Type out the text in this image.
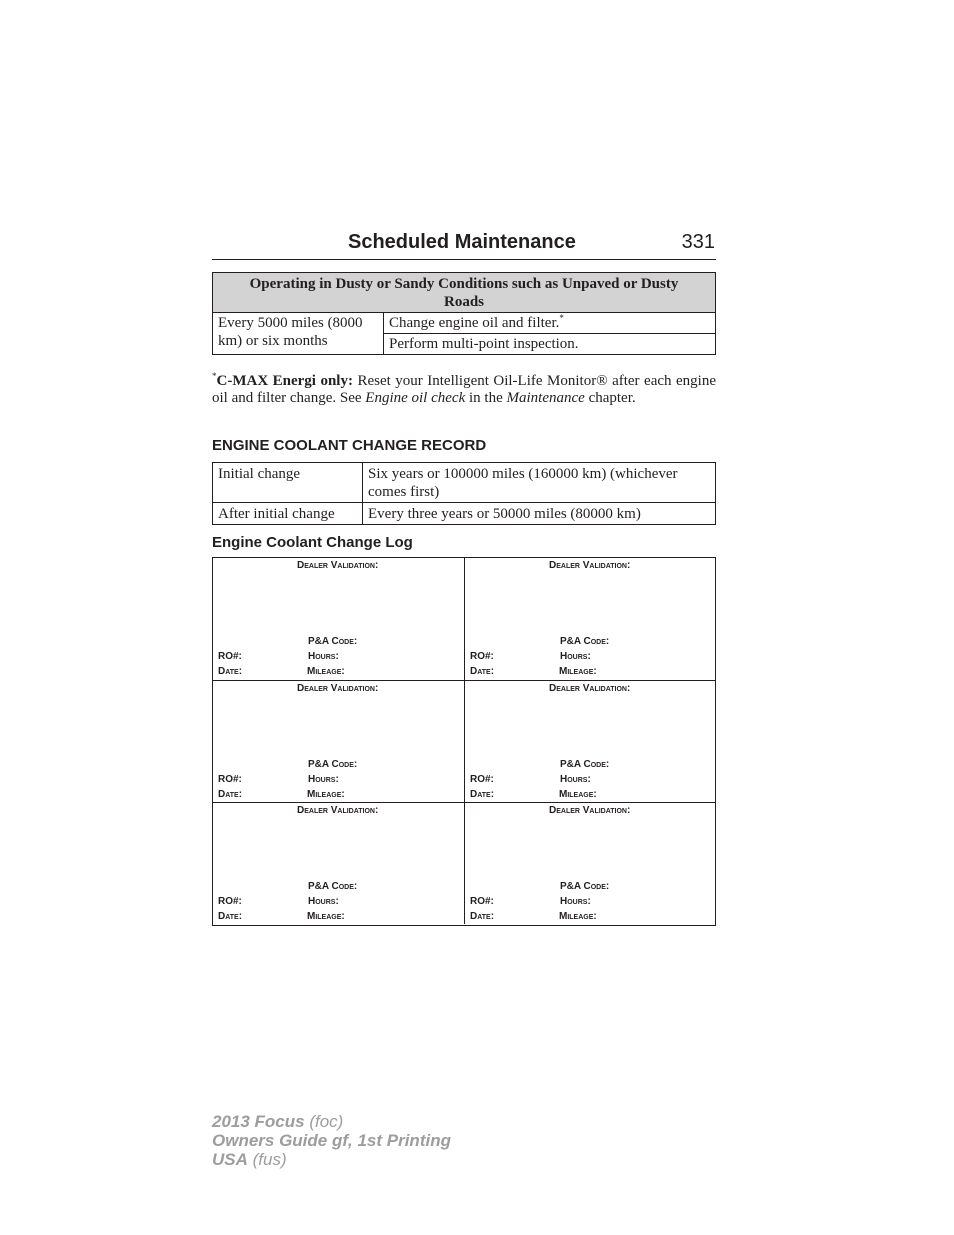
Scheduled Maintenance	331
Operating in Dusty or Sandy Conditions such as Unpaved or Dusty Roads
Every 5000 miles (8000 km) or six months	Change engine oil and filter.*
Perform multi-point inspection.

*C-MAX Energi only: Reset your Intelligent Oil-Life Monitor® after each engine oil and filter change. See Engine oil check in the Maintenance chapter.

ENGINE COOLANT CHANGE RECORD
Initial change	Six years or 100000 miles (160000 km) (whichever comes first)
After initial change	Every three years or 50000 miles (80000 km)
Engine Coolant Change Log
Dealer Validation:
P&A Code:
RO#:	Hours:
Date:	Mileage:
Dealer Validation:
P&A Code:
RO#:	Hours:
Date:	Mileage:
Dealer Validation:
P&A Code:
RO#:	Hours:
Date:	Mileage:
Dealer Validation:
P&A Code:
RO#:	Hours:
Date:	Mileage:
Dealer Validation:
P&A Code:
RO#:	Hours:
Date:	Mileage:
Dealer Validation:
P&A Code:
RO#:	Hours:
Date:	Mileage:
2013 Focus (foc)
Owners Guide gf, 1st Printing
USA (fus)
